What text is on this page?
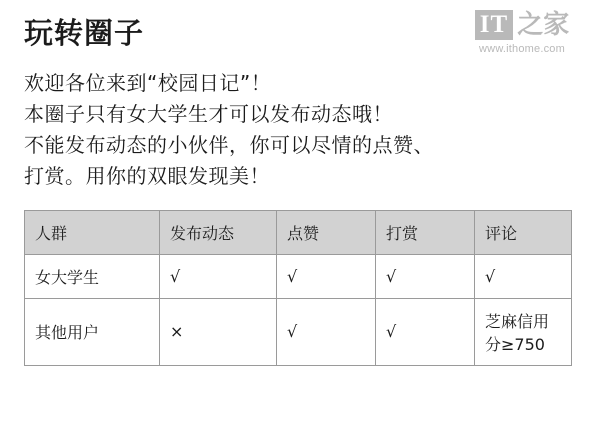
IT 之家
www.ithome.com
玩转圈子

欢迎各位来到“校园日记”！

本圈子只有女大学生才可以发布动态哦！

不能发布动态的小伙伴，你可以尽情的点赞、

打赏。用你的双眼发现美！

人群	发布动态	点赞	打赏	评论
女大学生	√	√	√	√
其他用户	×	√	√	芝麻信用分≥750
